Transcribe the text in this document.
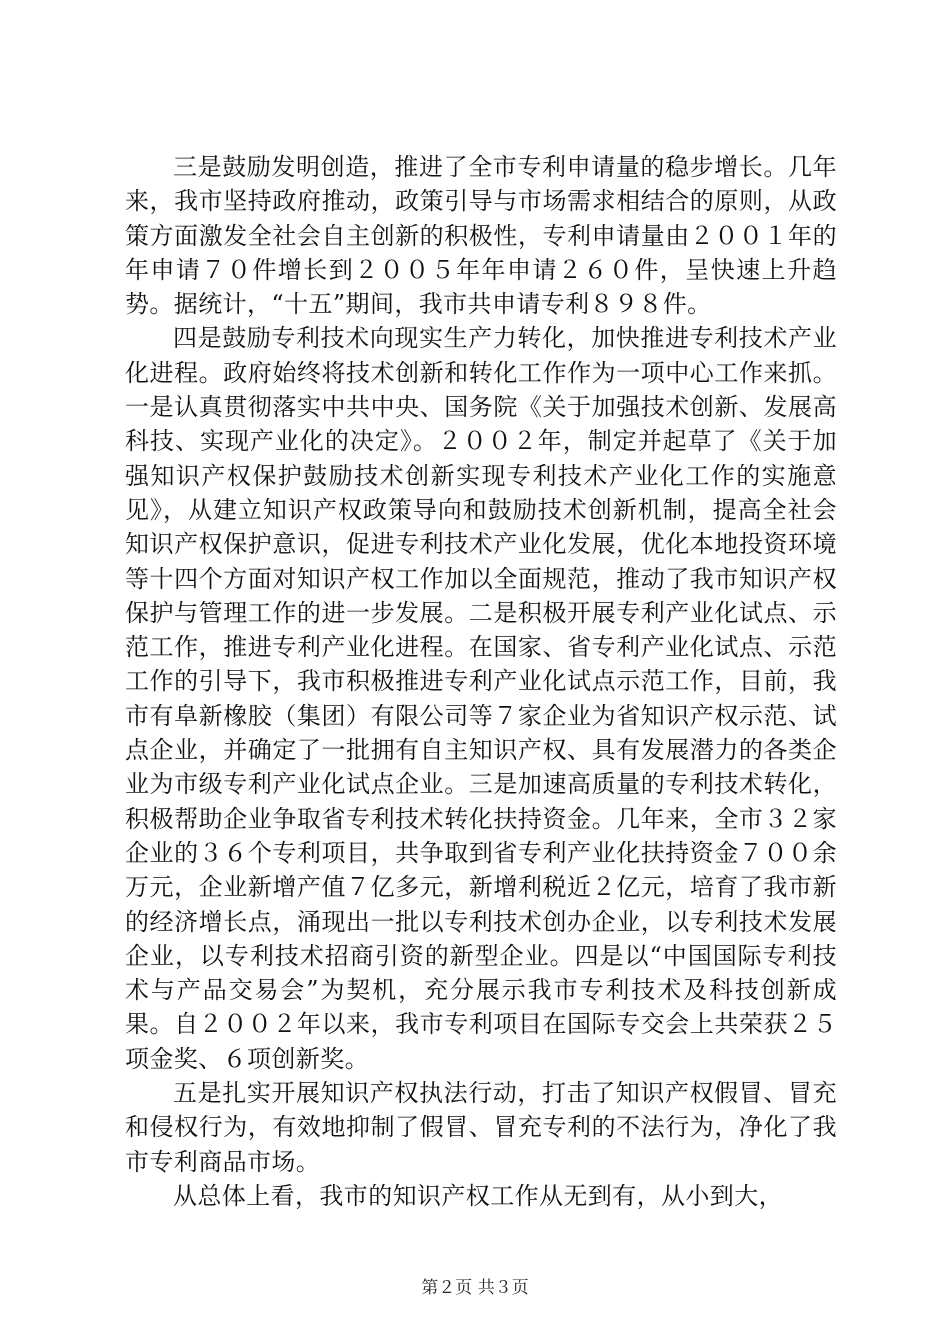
三是鼓励发明创造，推进了全市专利申请量的稳步增长。几年来，我市坚持政府推动，政策引导与市场需求相结合的原则，从政策方面激发全社会自主创新的积极性，专利申请量由２００１年的年申请７０件增长到２００５年年申请２６０件，呈快速上升趋势。据统计，“十五”期间，我市共申请专利８９８件。

四是鼓励专利技术向现实生产力转化，加快推进专利技术产业化进程。政府始终将技术创新和转化工作作为一项中心工作来抓。一是认真贯彻落实中共中央、国务院《关于加强技术创新、发展高科技、实现产业化的决定》。２００２年，制定并起草了《关于加强知识产权保护鼓励技术创新实现专利技术产业化工作的实施意见》，从建立知识产权政策导向和鼓励技术创新机制，提高全社会知识产权保护意识，促进专利技术产业化发展，优化本地投资环境等十四个方面对知识产权工作加以全面规范，推动了我市知识产权保护与管理工作的进一步发展。二是积极开展专利产业化试点、示范工作，推进专利产业化进程。在国家、省专利产业化试点、示范工作的引导下，我市积极推进专利产业化试点示范工作，目前，我市有阜新橡胶（集团）有限公司等７家企业为省知识产权示范、试点企业，并确定了一批拥有自主知识产权、具有发展潜力的各类企业为市级专利产业化试点企业。三是加速高质量的专利技术转化，积极帮助企业争取省专利技术转化扶持资金。几年来，全市３２家企业的３６个专利项目，共争取到省专利产业化扶持资金７００余万元，企业新增产值７亿多元，新增利税近２亿元，培育了我市新的经济增长点，涌现出一批以专利技术创办企业，以专利技术发展企业，以专利技术招商引资的新型企业。四是以“中国国际专利技术与产品交易会”为契机，充分展示我市专利技术及科技创新成果。自２００２年以来，我市专利项目在国际专交会上共荣获２５项金奖、６项创新奖。

五是扎实开展知识产权执法行动，打击了知识产权假冒、冒充和侵权行为，有效地抑制了假冒、冒充专利的不法行为，净化了我市专利商品市场。

从总体上看，我市的知识产权工作从无到有，从小到大，

第２页 共３页
